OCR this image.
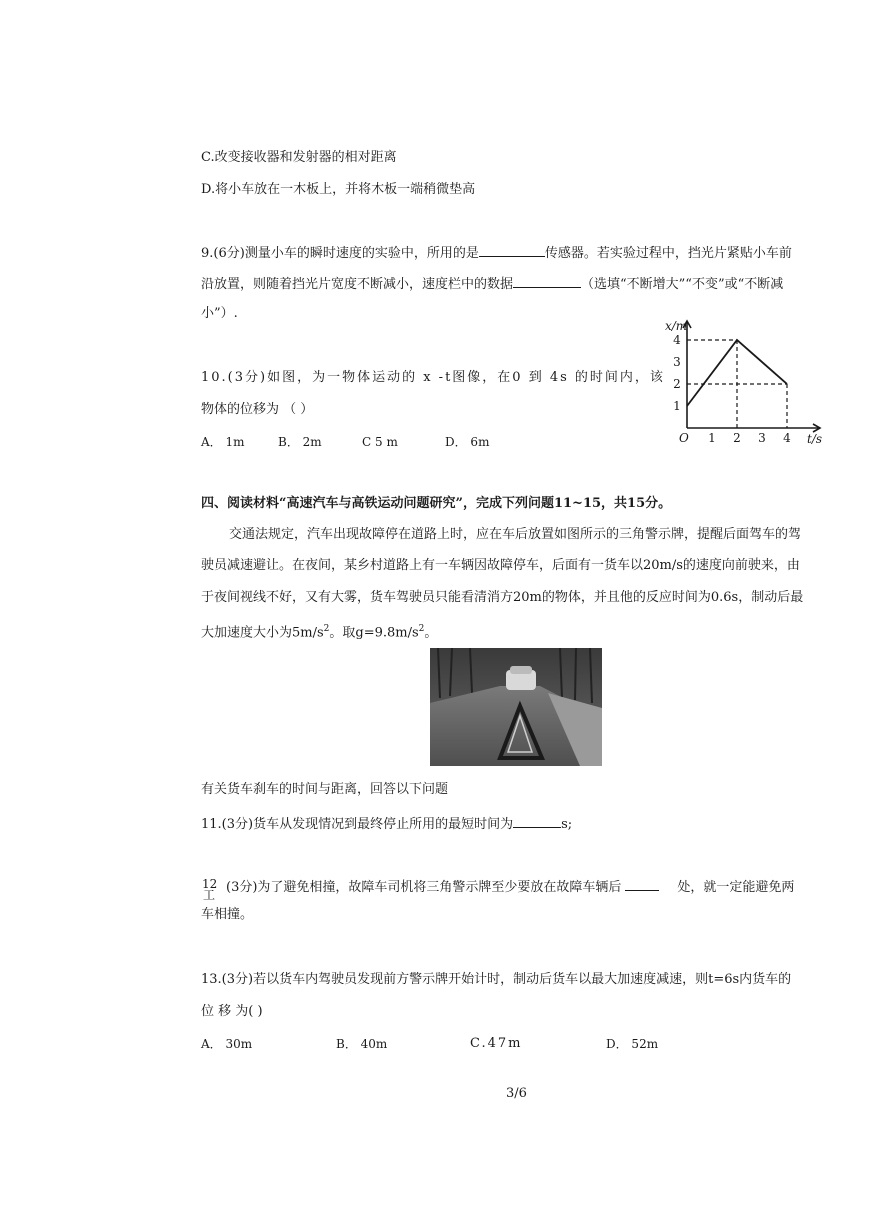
C.改变接收器和发射器的相对距离
D.将小车放在一木板上，并将木板一端稍微垫高
9.(6分)测量小车的瞬时速度的实验中，所用的是	传感器。若实验过程中，挡光片紧贴小车前
沿放置，则随着挡光片宽度不断减小，速度栏中的数据	（选填“不断增大”“不变”或“不断减
小”）.
10.(3分)如图，为一物体运动的 x -t图像，在0 到 4s 的时间内，该
物体的位移为 （ ）
A． 1m	B． 2m	C 5 m	D． 6m
1
2
3
4
1 2 3 4
x/m
t/s
O
四、阅读材料“高速汽车与高铁运动问题研究”，完成下列问题11~15，共15分。
交通法规定，汽车出现故障停在道路上时，应在车后放置如图所示的三角警示牌，提醒后面驾车的驾
驶员减速避让。在夜间，某乡村道路上有一车辆因故障停车，后面有一货车以20m/s的速度向前驶来，由
于夜间视线不好，又有大雾，货车驾驶员只能看清消方20m的物体，并且他的反应时间为0.6s，制动后最
大加速度大小为$5m/s^2$。取$g=9.8m/s^2$。
有关货车刹车的时间与距离，回答以下问题
11.(3分)货车从发现情况到最终停止所用的最短时间为	s;
12
工 (3分)为了避免相撞，故障车司机将三角警示牌至少要放在故障车辆后	处，就一定能避免两
车相撞。
13.(3分)若以货车内驾驶员发现前方警示牌开始计时，制动后货车以最大加速度减速，则t=6s内货车的
位 移 为( )
A． 30m	B． 40m	C.47m	D． 52m
3/6
